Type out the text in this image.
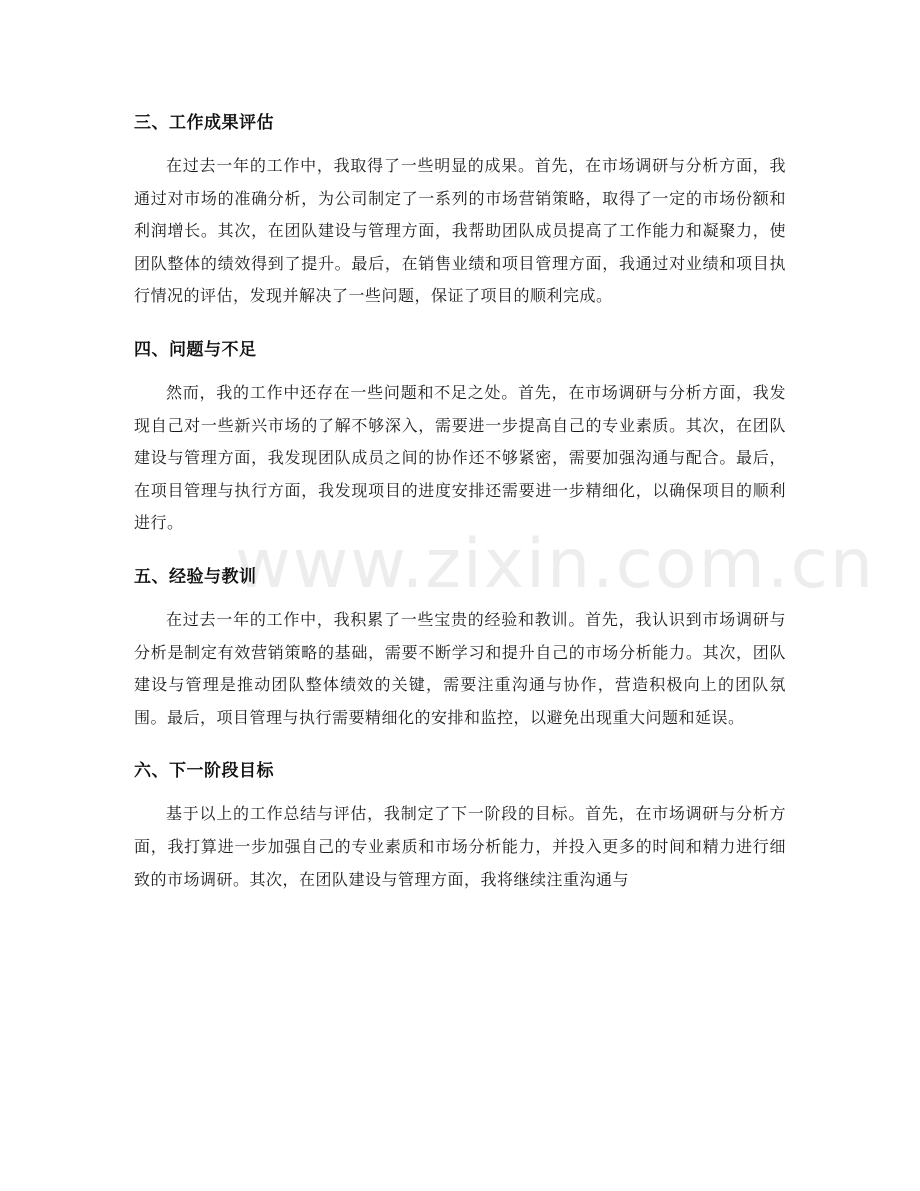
www.zixin.com.cn
三、工作成果评估

在过去一年的工作中，我取得了一些明显的成果。首先，在市场调研与分析方面，我通过对市场的准确分析，为公司制定了一系列的市场营销策略，取得了一定的市场份额和利润增长。其次，在团队建设与管理方面，我帮助团队成员提高了工作能力和凝聚力，使团队整体的绩效得到了提升。最后，在销售业绩和项目管理方面，我通过对业绩和项目执行情况的评估，发现并解决了一些问题，保证了项目的顺利完成。

四、问题与不足

然而，我的工作中还存在一些问题和不足之处。首先，在市场调研与分析方面，我发现自己对一些新兴市场的了解不够深入，需要进一步提高自己的专业素质。其次，在团队建设与管理方面，我发现团队成员之间的协作还不够紧密，需要加强沟通与配合。最后，在项目管理与执行方面，我发现项目的进度安排还需要进一步精细化，以确保项目的顺利进行。

五、经验与教训

在过去一年的工作中，我积累了一些宝贵的经验和教训。首先，我认识到市场调研与分析是制定有效营销策略的基础，需要不断学习和提升自己的市场分析能力。其次，团队建设与管理是推动团队整体绩效的关键，需要注重沟通与协作，营造积极向上的团队氛围。最后，项目管理与执行需要精细化的安排和监控，以避免出现重大问题和延误。

六、下一阶段目标

基于以上的工作总结与评估，我制定了下一阶段的目标。首先，在市场调研与分析方面，我打算进一步加强自己的专业素质和市场分析能力，并投入更多的时间和精力进行细致的市场调研。其次，在团队建设与管理方面，我将继续注重沟通与
